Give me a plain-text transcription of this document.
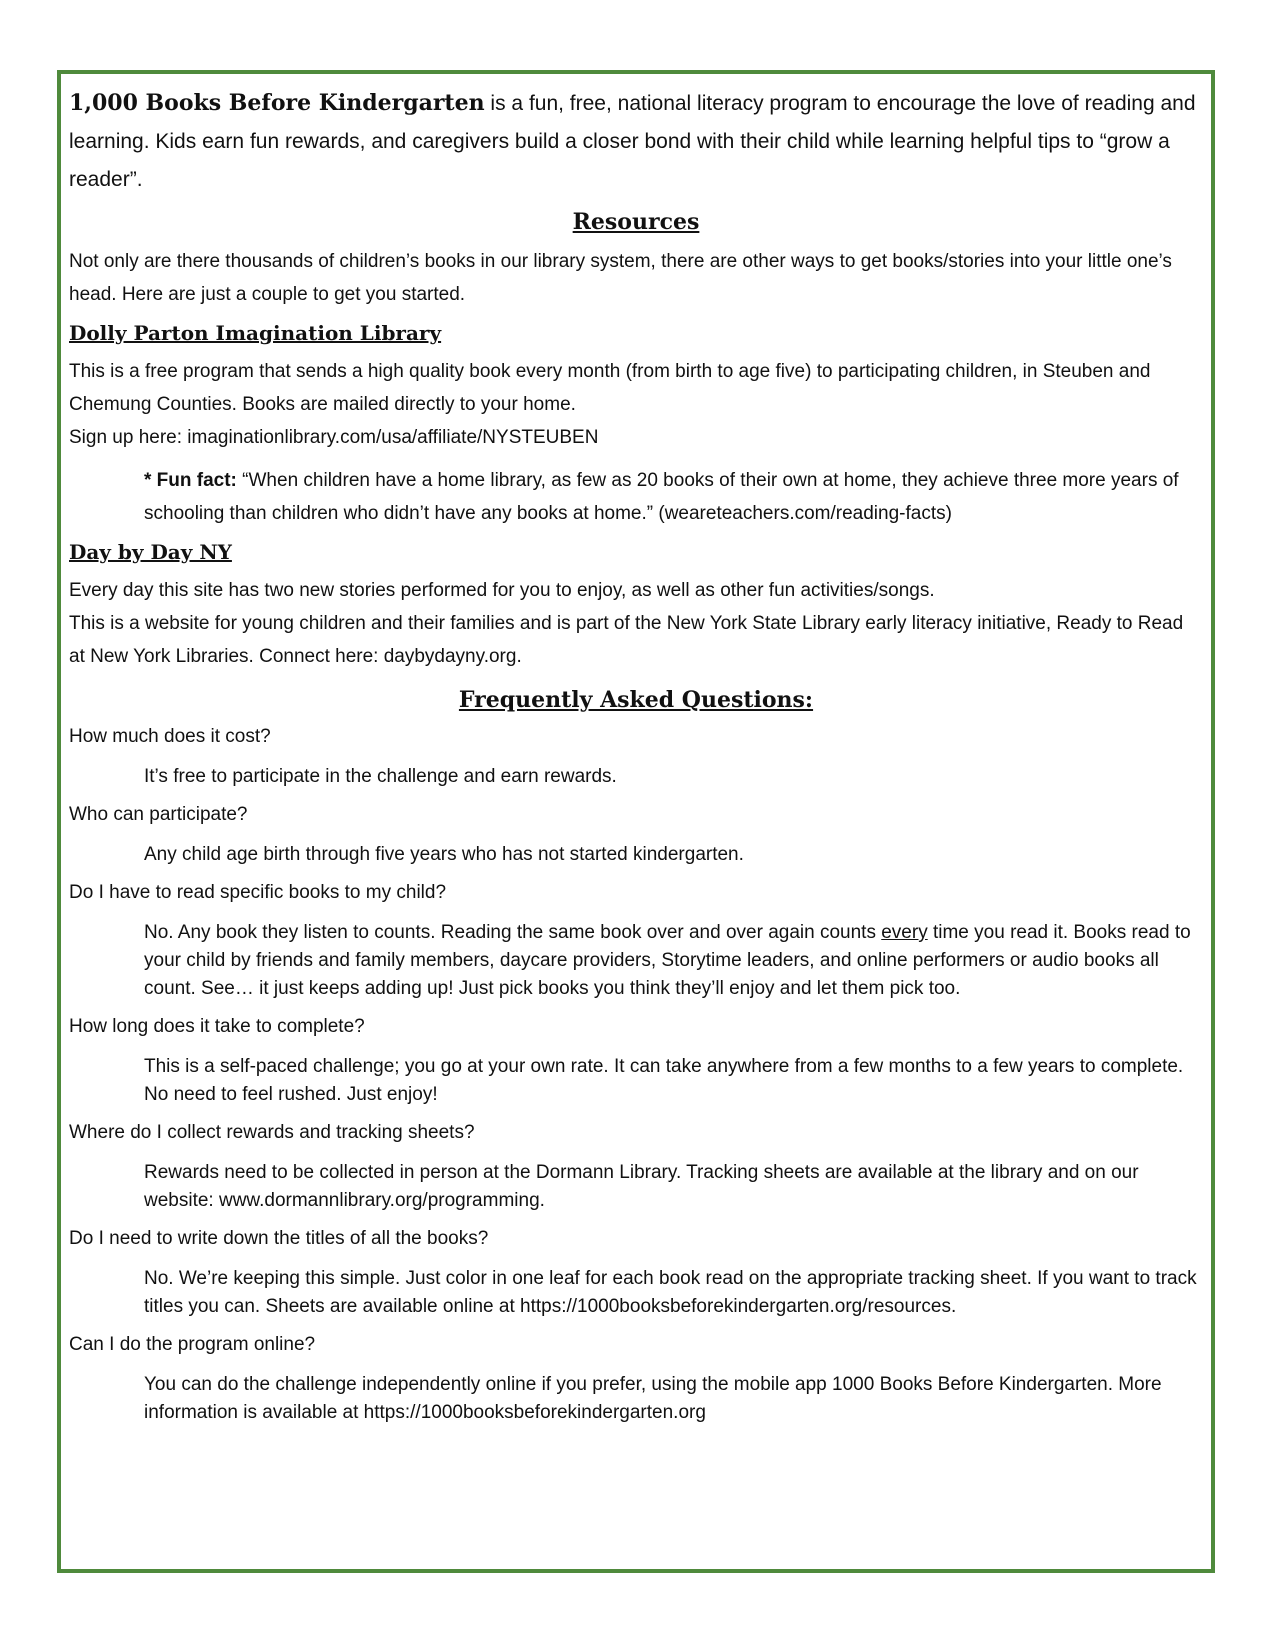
1,000 Books Before Kindergarten is a fun, free, national literacy program to encourage the love of reading and learning. Kids earn fun rewards, and caregivers build a closer bond with their child while learning helpful tips to “grow a reader”.

Resources

Not only are there thousands of children’s books in our library system, there are other ways to get books/stories into your little one’s head. Here are just a couple to get you started.

Dolly Parton Imagination Library

This is a free program that sends a high quality book every month (from birth to age five) to participating children, in Steuben and Chemung Counties. Books are mailed directly to your home.

Sign up here: imaginationlibrary.com/usa/affiliate/NYSTEUBEN

* Fun fact: “When children have a home library, as few as 20 books of their own at home, they achieve three more years of schooling than children who didn’t have any books at home.” (weareteachers.com/reading-facts)

Day by Day NY

Every day this site has two new stories performed for you to enjoy, as well as other fun activities/songs.

This is a website for young children and their families and is part of the New York State Library early literacy initiative, Ready to Read at New York Libraries. Connect here: daybydayny.org.

Frequently Asked Questions:

How much does it cost?

It’s free to participate in the challenge and earn rewards.

Who can participate?

Any child age birth through five years who has not started kindergarten.

Do I have to read specific books to my child?

No. Any book they listen to counts. Reading the same book over and over again counts every time you read it. Books read to your child by friends and family members, daycare providers, Storytime leaders, and online performers or audio books all count. See… it just keeps adding up! Just pick books you think they’ll enjoy and let them pick too.

How long does it take to complete?

This is a self-paced challenge; you go at your own rate. It can take anywhere from a few months to a few years to complete. No need to feel rushed. Just enjoy!

Where do I collect rewards and tracking sheets?

Rewards need to be collected in person at the Dormann Library. Tracking sheets are available at the library and on our website: www.dormannlibrary.org/programming.

Do I need to write down the titles of all the books?

No. We’re keeping this simple. Just color in one leaf for each book read on the appropriate tracking sheet. If you want to track titles you can. Sheets are available online at https://1000booksbeforekindergarten.org/resources.

Can I do the program online?

You can do the challenge independently online if you prefer, using the mobile app 1000 Books Before Kindergarten. More information is available at https://1000booksbeforekindergarten.org
